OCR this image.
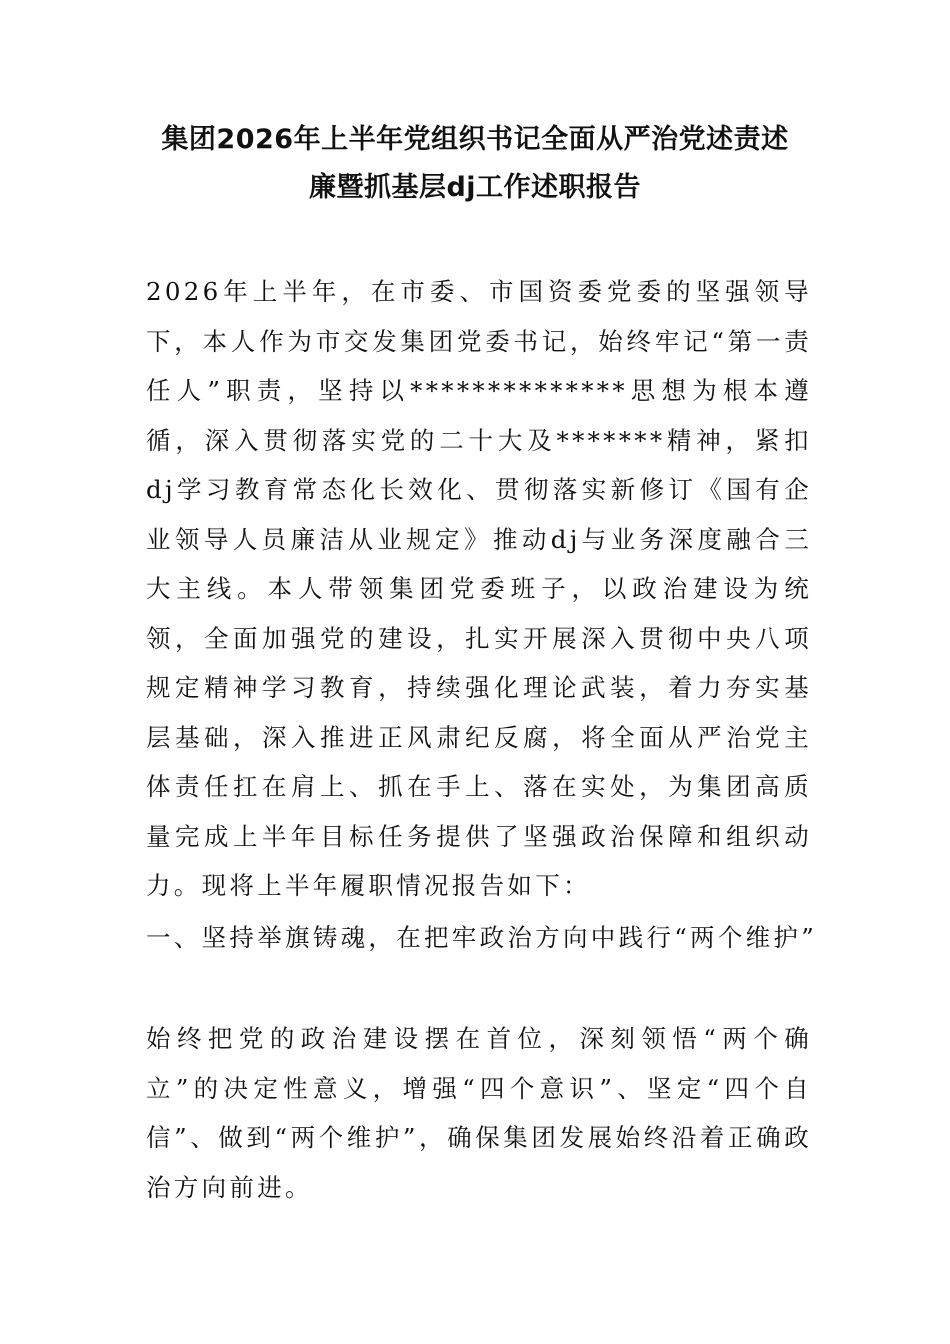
集团2026年上半年党组织书记全面从严治党述责述
廉暨抓基层dj工作述职报告
2026年上半年，在市委、市国资委党委的坚强领导下，本人作为市交发集团党委书记，始终牢记“第一责任人”职责，坚持以**************思想为根本遵循，深入贯彻落实党的二十大及*******精神，紧扣dj学习教育常态化长效化、贯彻落实新修订《国有企业领导人员廉洁从业规定》推动dj与业务深度融合三大主线。本人带领集团党委班子，以政治建设为统领，全面加强党的建设，扎实开展深入贯彻中央八项规定精神学习教育，持续强化理论武装，着力夯实基层基础，深入推进正风肃纪反腐，将全面从严治党主体责任扛在肩上、抓在手上、落在实处，为集团高质量完成上半年目标任务提供了坚强政治保障和组织动力。现将上半年履职情况报告如下：
一、坚持举旗铸魂，在把牢政治方向中践行“两个维护”
始终把党的政治建设摆在首位，深刻领悟“两个确立”的决定性意义，增强“四个意识”、坚定“四个自信”、做到“两个维护”，确保集团发展始终沿着正确政治方向前进。
